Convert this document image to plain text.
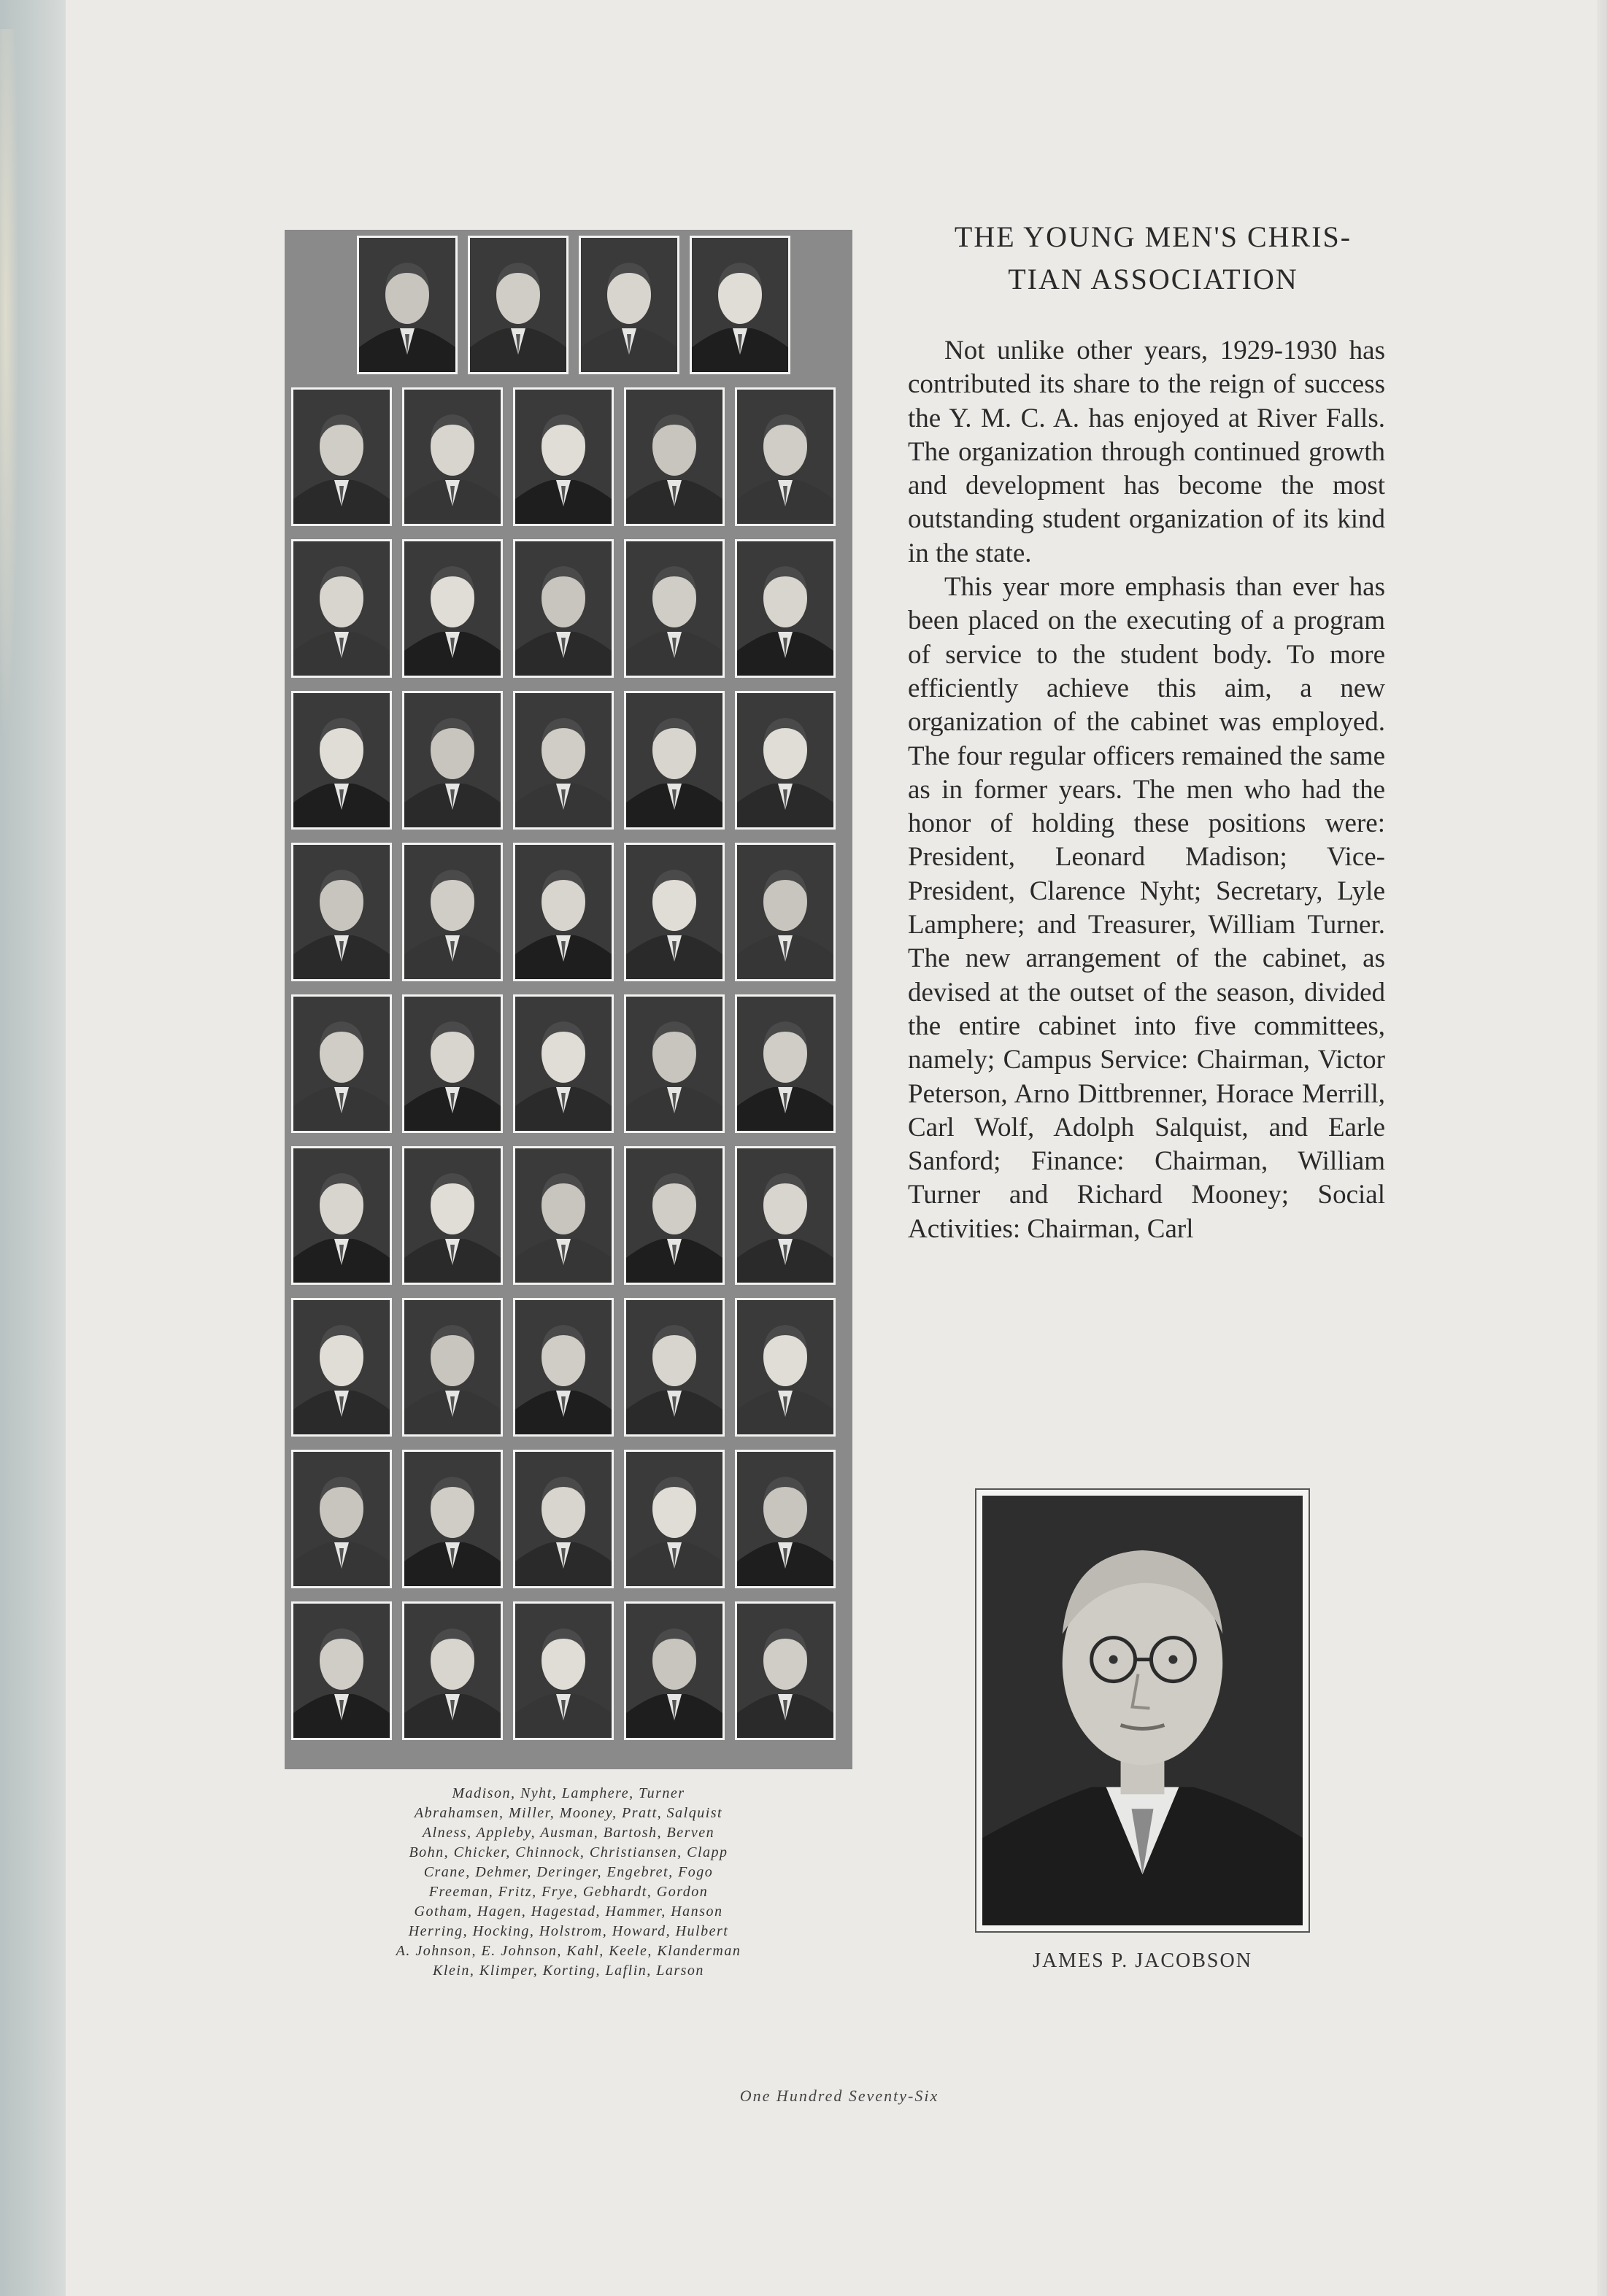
Madison, Nyht, Lamphere, Turner
Abrahamsen, Miller, Mooney, Pratt, Salquist
Alness, Appleby, Ausman, Bartosh, Berven
Bohn, Chicker, Chinnock, Christiansen, Clapp
Crane, Dehmer, Deringer, Engebret, Fogo
Freeman, Fritz, Frye, Gebhardt, Gordon
Gotham, Hagen, Hagestad, Hammer, Hanson
Herring, Hocking, Holstrom, Howard, Hulbert
A. Johnson, E. Johnson, Kahl, Keele, Klanderman
Klein, Klimper, Korting, Laflin, Larson
THE YOUNG MEN'S CHRIS-
TIAN ASSOCIATION

Not unlike other years, 1929-1930 has contributed its share to the reign of success the Y. M. C. A. has enjoyed at River Falls. The organization through continued growth and development has become the most outstanding student organization of its kind in the state.

This year more emphasis than ever has been placed on the executing of a program of service to the student body. To more efficiently achieve this aim, a new organization of the cabinet was employed. The four regular officers remained the same as in former years. The men who had the honor of holding these positions were: President, Leonard Madison; Vice-President, Clarence Nyht; Secretary, Lyle Lamphere; and Treasurer, William Turner. The new arrangement of the cabinet, as devised at the outset of the season, divided the entire cabinet into five committees, namely; Campus Service: Chairman, Victor Peterson, Arno Dittbrenner, Horace Merrill, Carl Wolf, Adolph Salquist, and Earle Sanford; Finance: Chairman, William Turner and Richard Mooney; Social Activities: Chairman, Carl

JAMES P. JACOBSON
One Hundred Seventy-Six
